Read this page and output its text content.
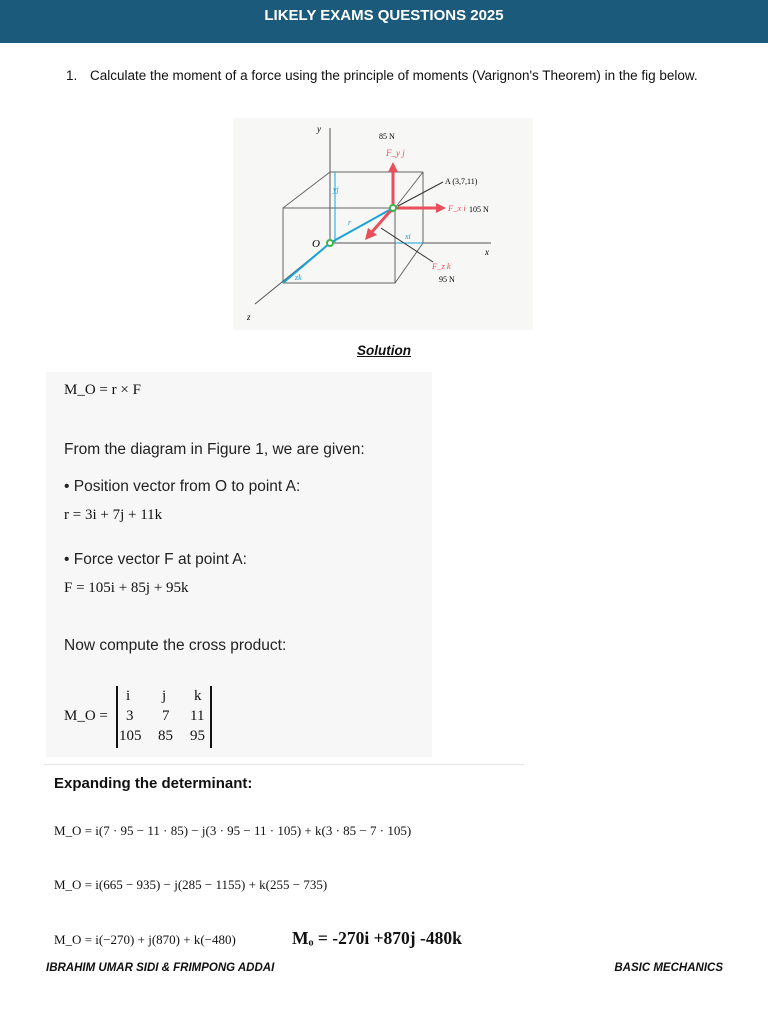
LIKELY EXAMS QUESTIONS 2025
1. Calculate the moment of a force using the principle of moments (Varignon's Theorem) in the fig below.
y
x
z
O
85 N
F_y j
A (3,7,11)
F_x i 105 N
F_z k
95 N
r
yj
xi
zk
Solution
M_O = r × F
From the diagram in Figure 1, we are given:
• Position vector from O to point A:
r = 3i + 7j + 11k
• Force vector F at point A:
F = 105i + 85j + 95k
Now compute the cross product:
M_O =
i j k
3 7 11
105 85 95
Expanding the determinant:
M_O = i(7 · 95 − 11 · 85) − j(3 · 95 − 11 · 105) + k(3 · 85 − 7 · 105)
M_O = i(665 − 935) − j(285 − 1155) + k(255 − 735)
M_O = i(−270) + j(870) + k(−480)	Mₒ = -270i +870j -480k
IBRAHIM UMAR SIDI & FRIMPONG ADDAI	BASIC MECHANICS
